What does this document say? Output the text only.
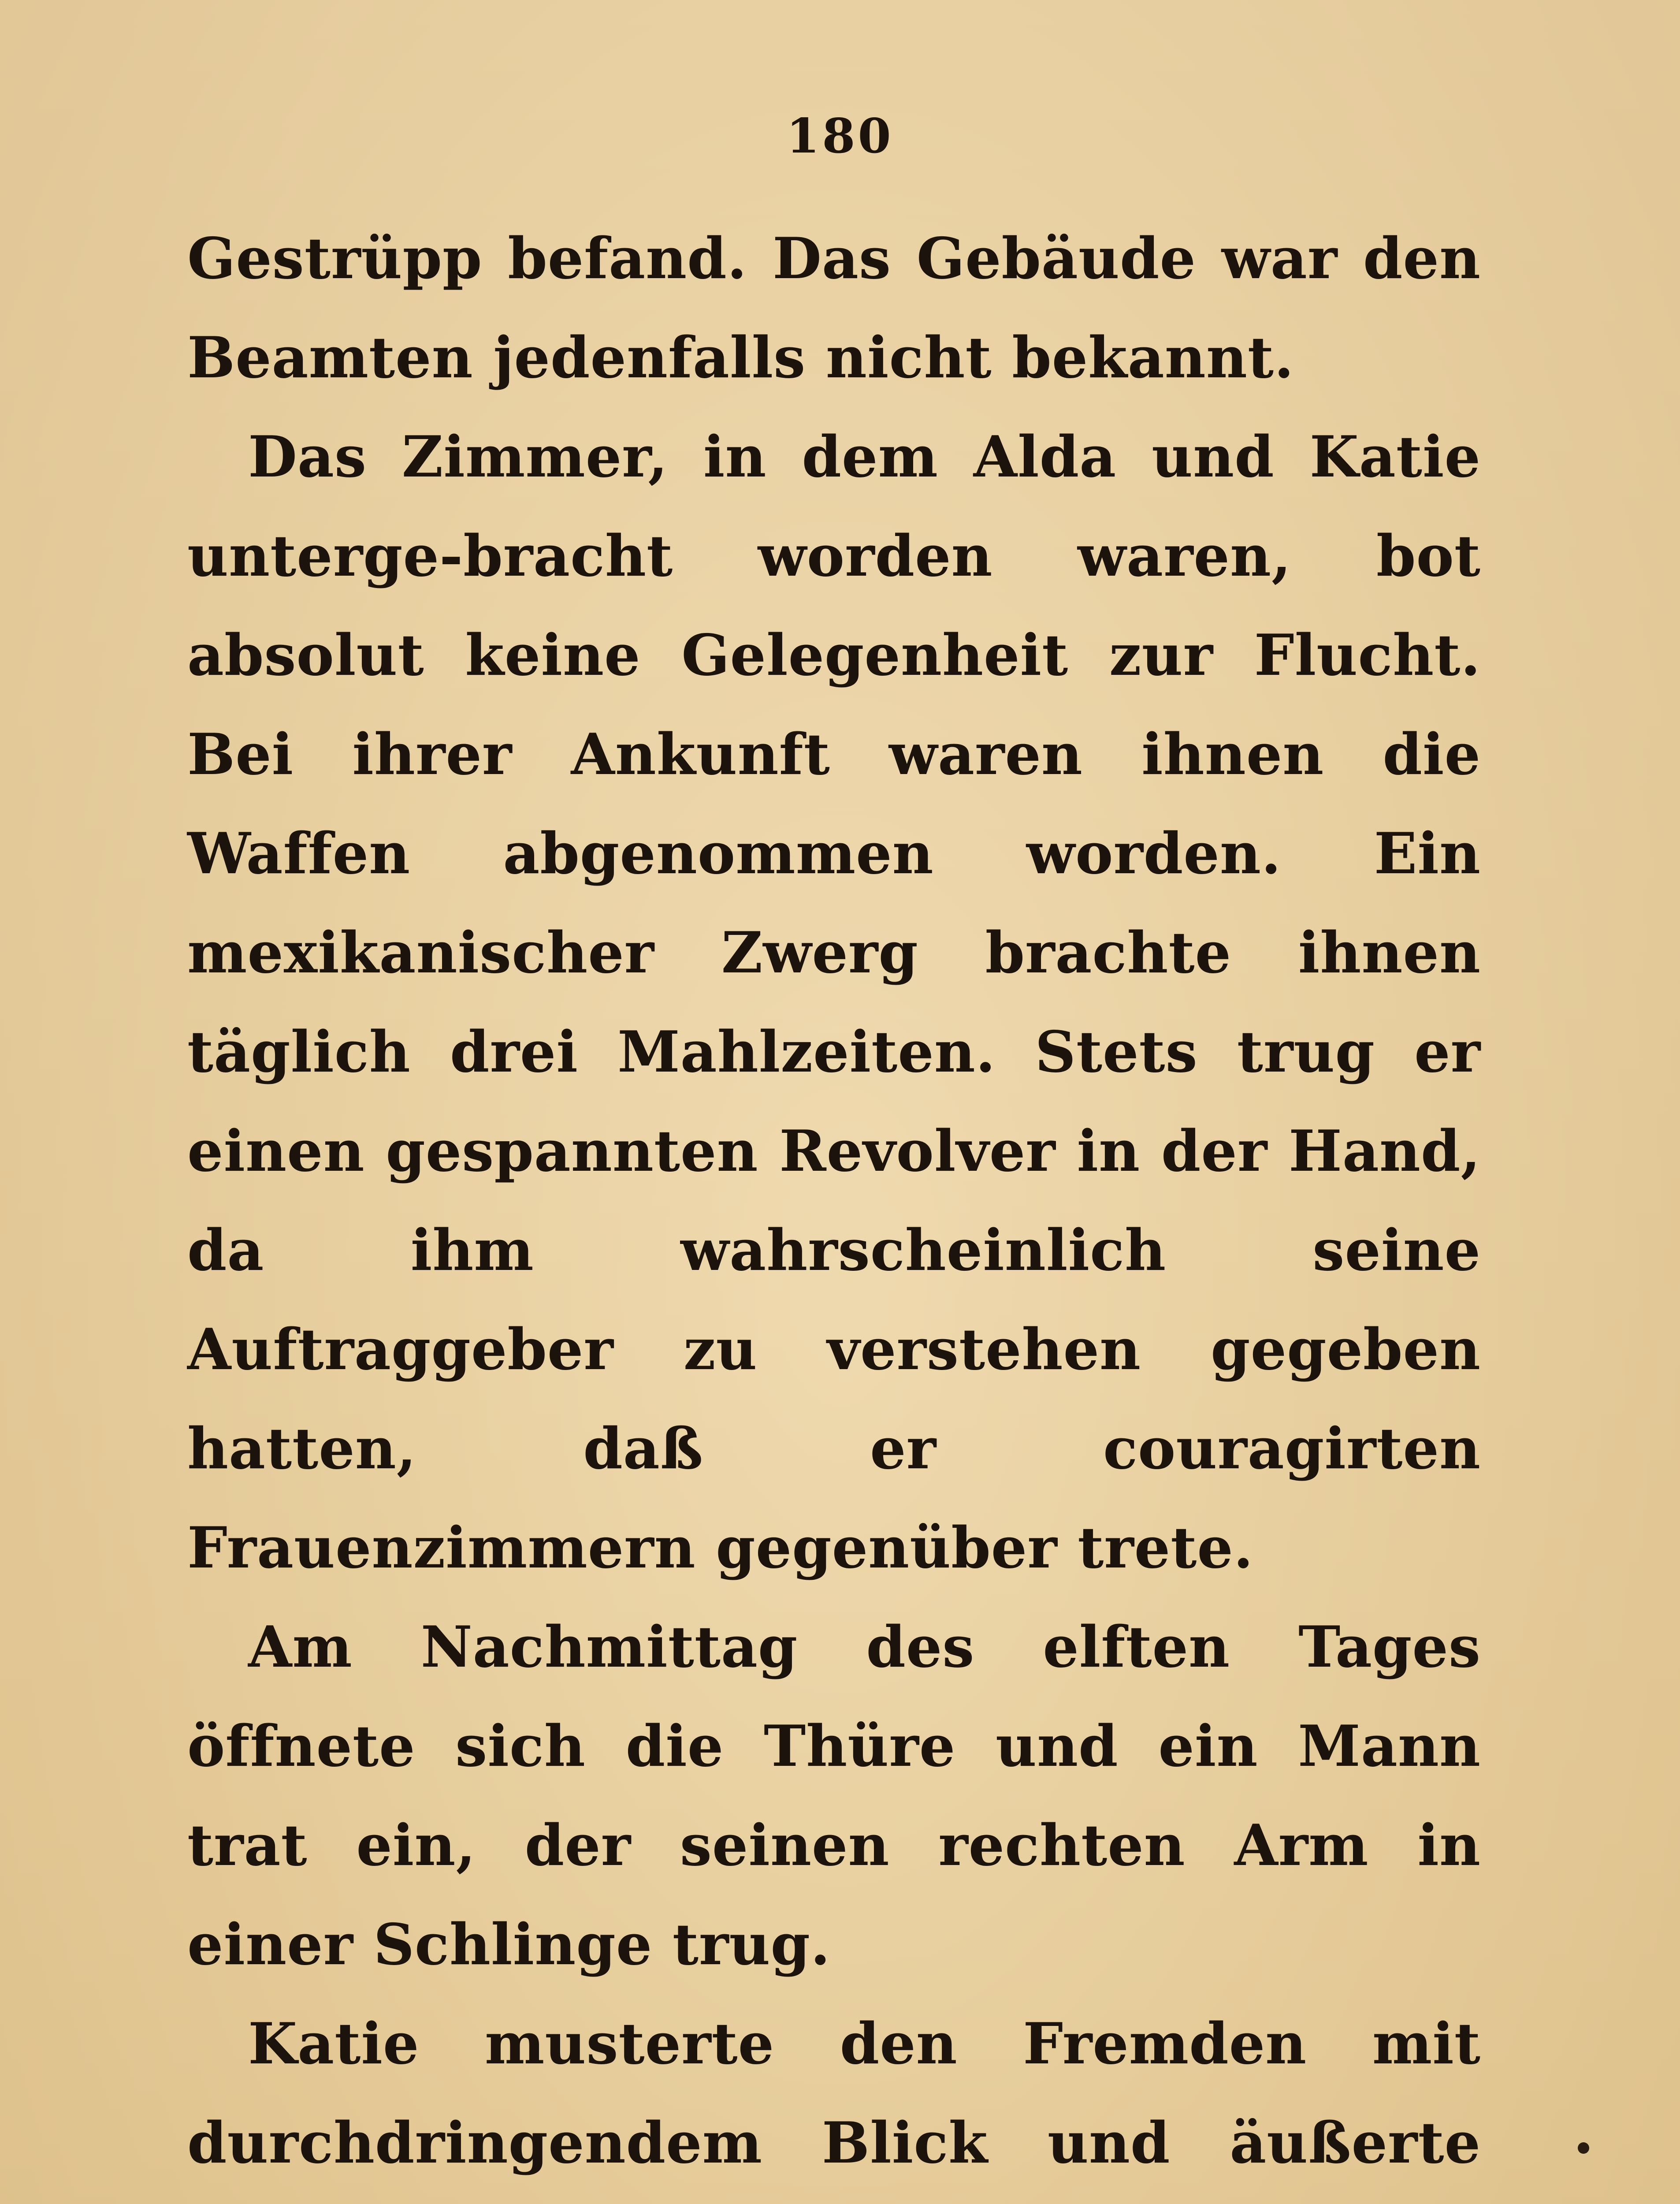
180

Gestrüpp befand. Das Gebäude war den Beamten jedenfalls nicht bekannt.

Das Zimmer, in dem Alda und Katie unterge-bracht worden waren, bot absolut keine Gelegenheit zur Flucht. Bei ihrer Ankunft waren ihnen die Waffen abgenommen worden. Ein mexikanischer Zwerg brachte ihnen täglich drei Mahlzeiten. Stets trug er einen gespannten Revolver in der Hand, da ihm wahrscheinlich seine Auftraggeber zu verstehen gegeben hatten, daß er couragirten Frauenzimmern gegenüber trete.

Am Nachmittag des elften Tages öffnete sich die Thüre und ein Mann trat ein, der seinen rechten Arm in einer Schlinge trug.

Katie musterte den Fremden mit durchdringendem Blick und äußerte
